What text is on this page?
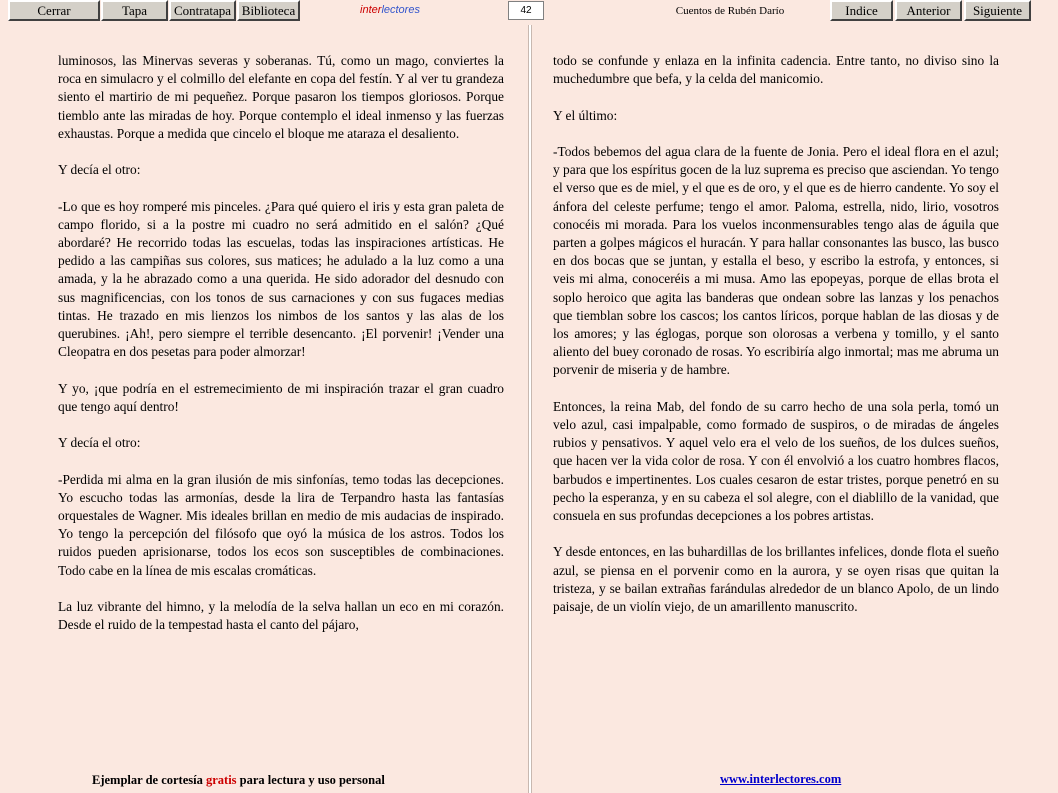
Cerrar	Tapa	Contratapa Biblioteca	interlectores	42	Cuentos de Rubén Darío	Indice	Anterior	Siguiente

luminosos, las Minervas severas y soberanas. Tú, como un mago, conviertes la roca en simulacro y el colmillo del elefante en copa del festín. Y al ver tu grandeza siento el martirio de mi pequeñez. Porque pasaron los tiempos gloriosos. Porque tiemblo ante las miradas de hoy. Porque contemplo el ideal inmenso y las fuerzas exhaustas. Porque a medida que cincelo el bloque me ataraza el desaliento.

Y decía el otro:

-Lo que es hoy romperé mis pinceles. ¿Para qué quiero el iris y esta gran paleta de campo florido, si a la postre mi cuadro no será admitido en el salón? ¿Qué abordaré? He recorrido todas las escuelas, todas las inspiraciones artísticas. He pedido a las campiñas sus colores, sus matices; he adulado a la luz como a una amada, y la he abrazado como a una querida. He sido adorador del desnudo con sus magnificencias, con los tonos de sus carnaciones y con sus fugaces medias tintas. He trazado en mis lienzos los nimbos de los santos y las alas de los querubines. ¡Ah!, pero siempre el terrible desencanto. ¡El porvenir! ¡Vender una Cleopatra en dos pesetas para poder almorzar!

Y yo, ¡que podría en el estremecimiento de mi inspiración trazar el gran cuadro que tengo aquí dentro!

Y decía el otro:

-Perdida mi alma en la gran ilusión de mis sinfonías, temo todas las decepciones. Yo escucho todas las armonías, desde la lira de Terpandro hasta las fantasías orquestales de Wagner. Mis ideales brillan en medio de mis audacias de inspirado. Yo tengo la percepción del filósofo que oyó la música de los astros. Todos los ruidos pueden aprisionarse, todos los ecos son susceptibles de combinaciones. Todo cabe en la línea de mis escalas cromáticas.

La luz vibrante del himno, y la melodía de la selva hallan un eco en mi corazón. Desde el ruido de la tempestad hasta el canto del pájaro,

todo se confunde y enlaza en la infinita cadencia. Entre tanto, no diviso sino la muchedumbre que befa, y la celda del manicomio.

Y el último:

-Todos bebemos del agua clara de la fuente de Jonia. Pero el ideal flora en el azul; y para que los espíritus gocen de la luz suprema es preciso que asciendan. Yo tengo el verso que es de miel, y el que es de oro, y el que es de hierro candente. Yo soy el ánfora del celeste perfume; tengo el amor. Paloma, estrella, nido, lirio, vosotros conocéis mi morada. Para los vuelos inconmensurables tengo alas de águila que parten a golpes mágicos el huracán. Y para hallar consonantes las busco, las busco en dos bocas que se juntan, y estalla el beso, y escribo la estrofa, y entonces, si veis mi alma, conoceréis a mi musa. Amo las epopeyas, porque de ellas brota el soplo heroico que agita las banderas que ondean sobre las lanzas y los penachos que tiemblan sobre los cascos; los cantos líricos, porque hablan de las diosas y de los amores; y las églogas, porque son olorosas a verbena y tomillo, y el santo aliento del buey coronado de rosas. Yo escribiría algo inmortal; mas me abruma un porvenir de miseria y de hambre.

Entonces, la reina Mab, del fondo de su carro hecho de una sola perla, tomó un velo azul, casi impalpable, como formado de suspiros, o de miradas de ángeles rubios y pensativos. Y aquel velo era el velo de los sueños, de los dulces sueños, que hacen ver la vida color de rosa. Y con él envolvió a los cuatro hombres flacos, barbudos e impertinentes. Los cuales cesaron de estar tristes, porque penetró en su pecho la esperanza, y en su cabeza el sol alegre, con el diablillo de la vanidad, que consuela en sus profundas decepciones a los pobres artistas.

Y desde entonces, en las buhardillas de los brillantes infelices, donde flota el sueño azul, se piensa en el porvenir como en la aurora, y se oyen risas que quitan la tristeza, y se bailan extrañas farándulas alrededor de un blanco Apolo, de un lindo paisaje, de un violín viejo, de un amarillento manuscrito.

Ejemplar de cortesía gratis para lectura y uso personal	www.interlectores.com
